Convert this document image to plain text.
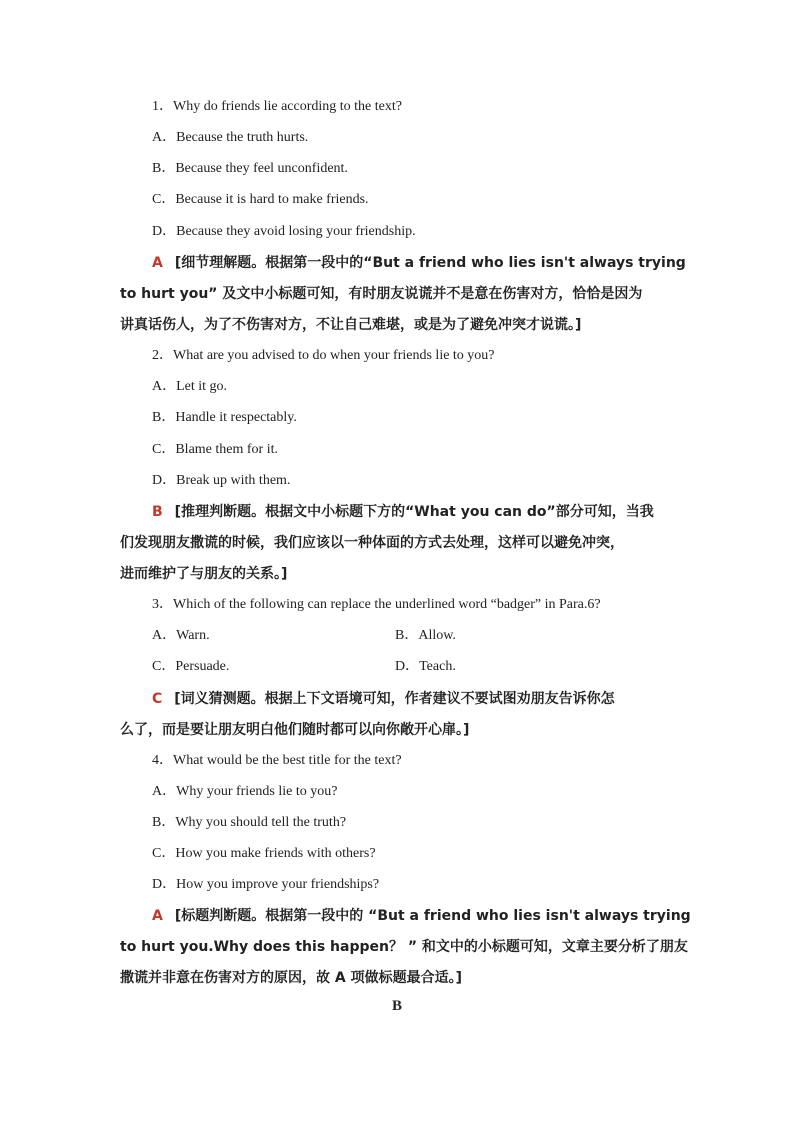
1．Why do friends lie according to the text?
A．Because the truth hurts.
B．Because they feel unconfident.
C．Because it is hard to make friends.
D．Because they avoid losing your friendship.
A [细节理解题。根据第一段中的“But a friend who lies isn't always trying
to hurt you” 及文中小标题可知，有时朋友说谎并不是意在伤害对方，恰恰是因为
讲真话伤人，为了不伤害对方，不让自己难堪，或是为了避免冲突才说谎。]
2．What are you advised to do when your friends lie to you?
A．Let it go.
B．Handle it respectably.
C．Blame them for it.
D．Break up with them.
B [推理判断题。根据文中小标题下方的“What you can do”部分可知，当我
们发现朋友撒谎的时候，我们应该以一种体面的方式去处理，这样可以避免冲突，
进而维护了与朋友的关系。]
3．Which of the following can replace the underlined word “badger” in Para.6?
A．Warn.	B．Allow.
C．Persuade.	D．Teach.
C [词义猜测题。根据上下文语境可知，作者建议不要试图劝朋友告诉你怎
么了，而是要让朋友明白他们随时都可以向你敞开心扉。]
4．What would be the best title for the text?
A．Why your friends lie to you?
B．Why you should tell the truth?
C．How you make friends with others?
D．How you improve your friendships?
A [标题判断题。根据第一段中的 “But a friend who lies isn't always trying
to hurt you.Why does this happen？ ” 和文中的小标题可知，文章主要分析了朋友
撒谎并非意在伤害对方的原因，故 A 项做标题最合适。]
B
